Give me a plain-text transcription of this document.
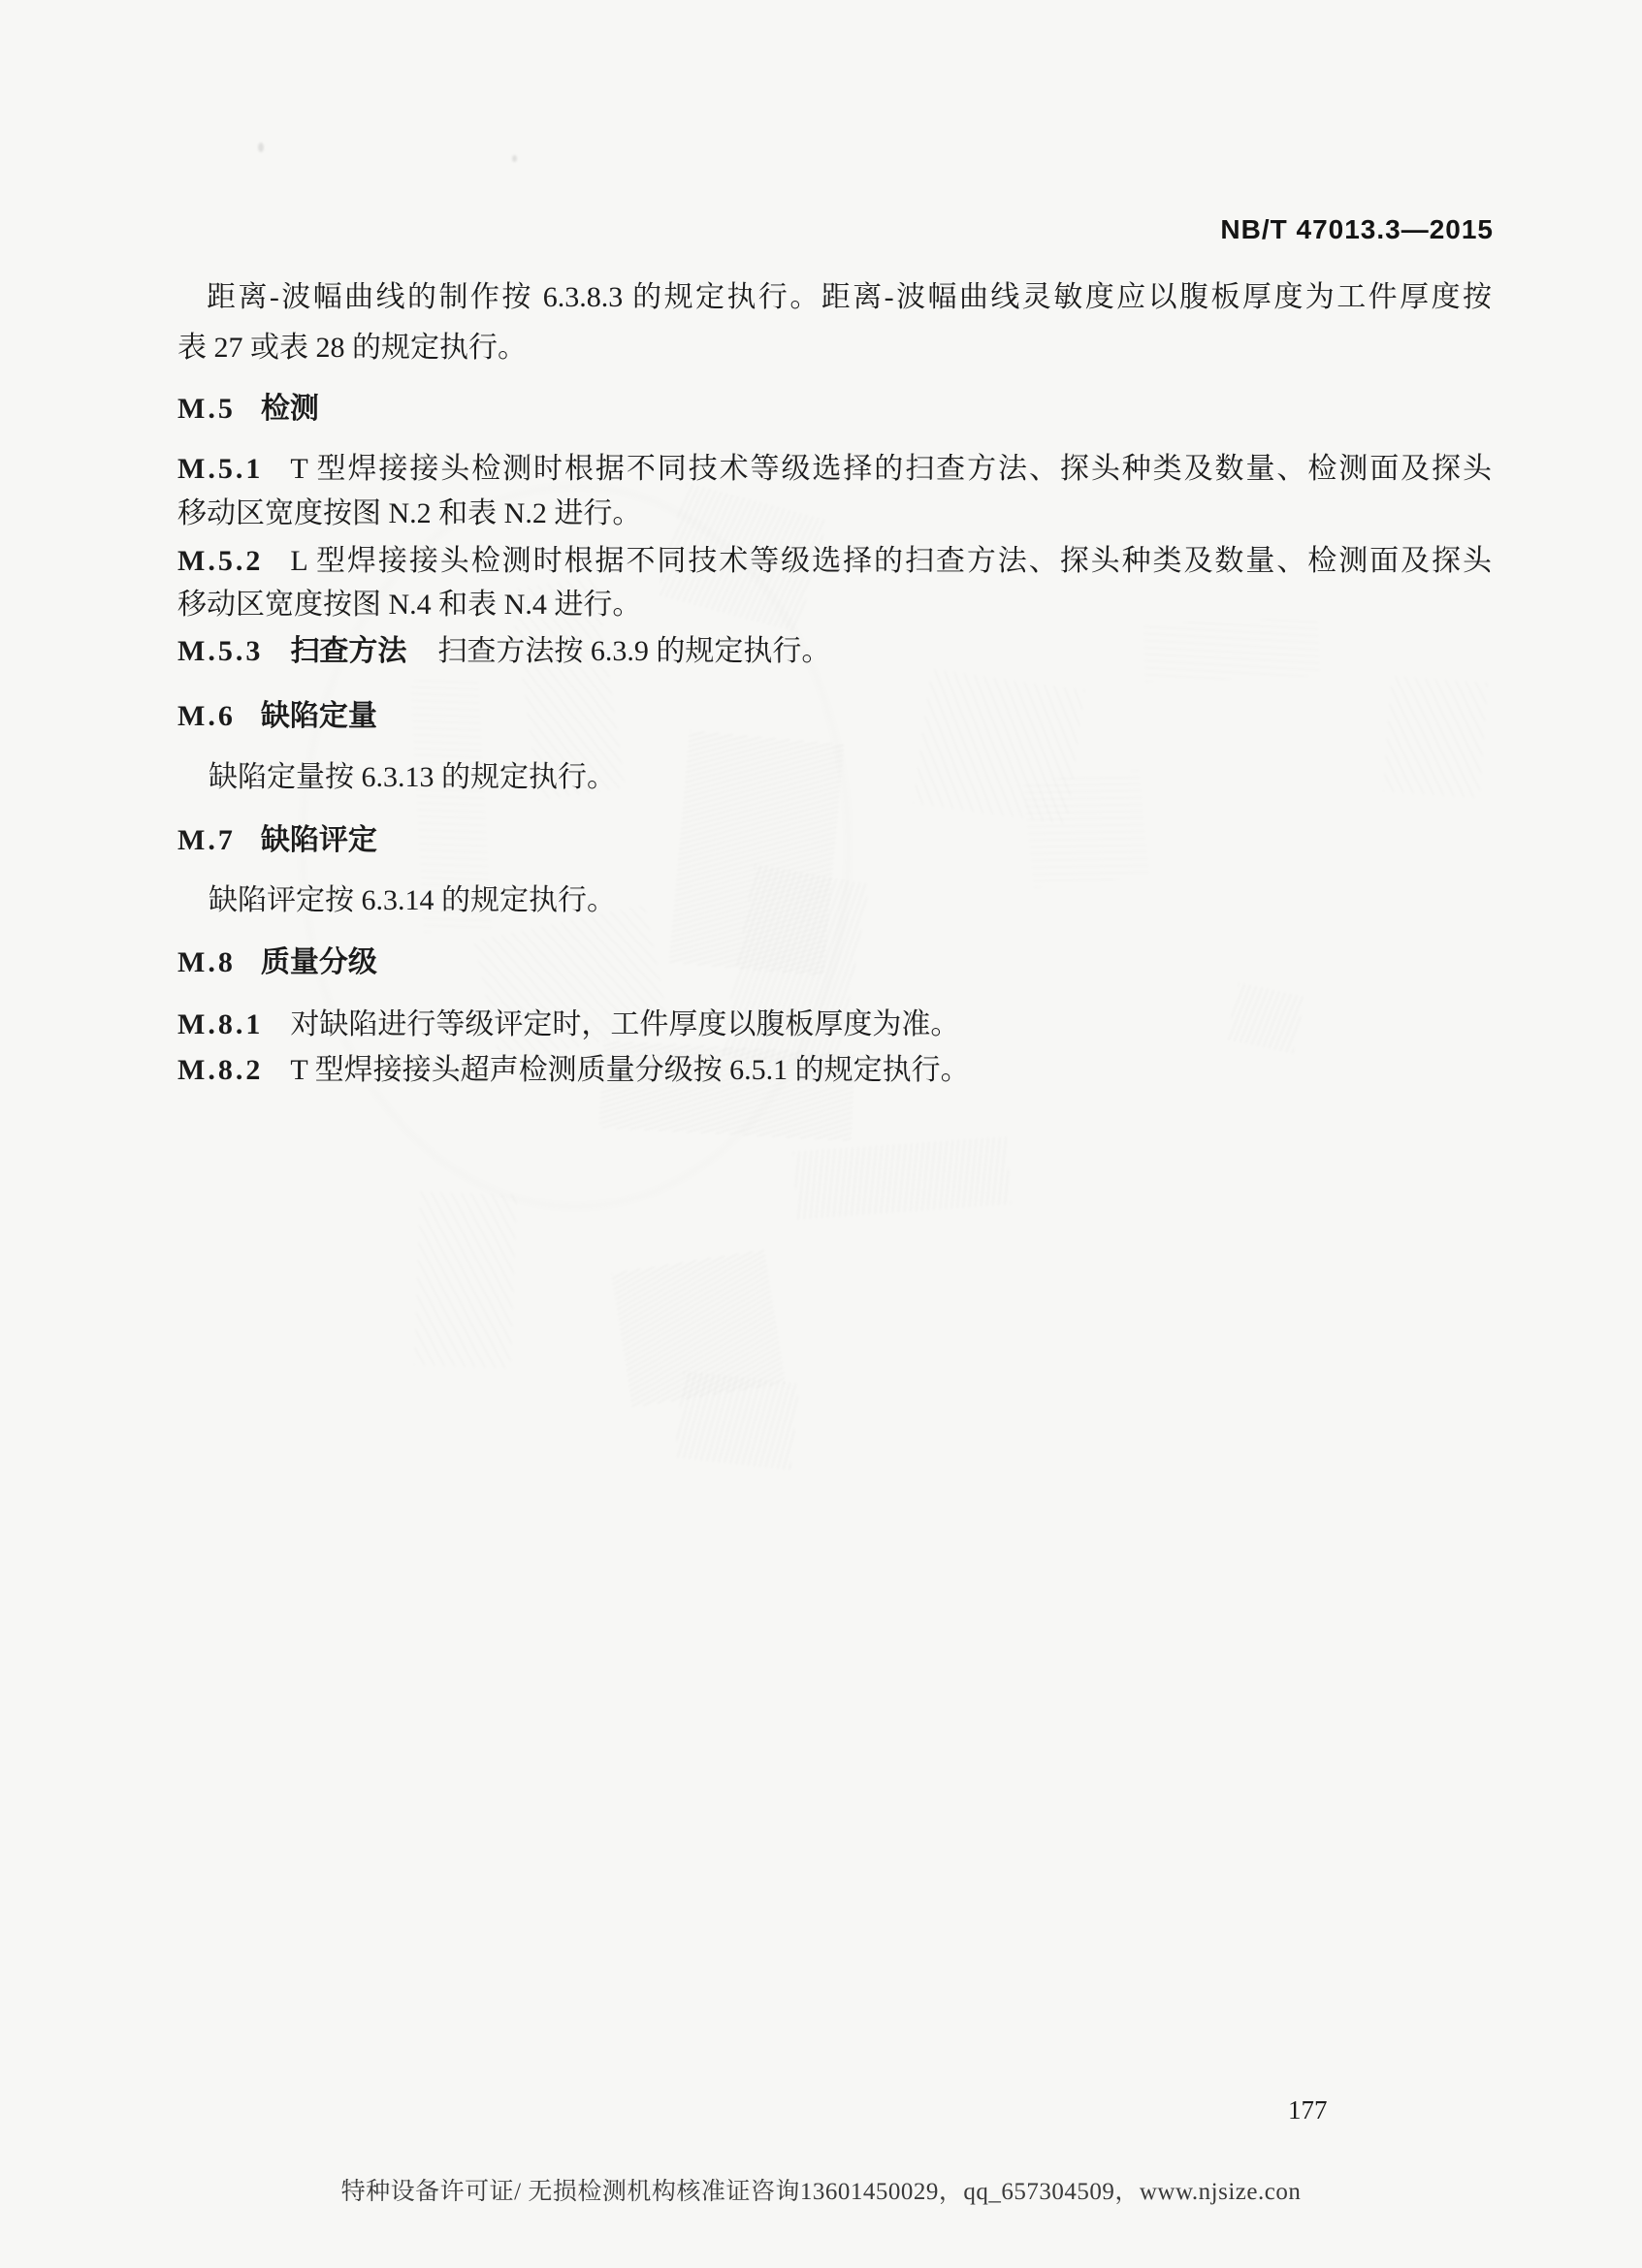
NB/T 47013.3—2015
距离-波幅曲线的制作按 6.3.8.3 的规定执行。距离-波幅曲线灵敏度应以腹板厚度为工件厚度按
表 27 或表 28 的规定执行。
M.5 检测
M.5.1 T 型焊接接头检测时根据不同技术等级选择的扫查方法、探头种类及数量、检测面及探头
移动区宽度按图 N.2 和表 N.2 进行。
M.5.2 L 型焊接接头检测时根据不同技术等级选择的扫查方法、探头种类及数量、检测面及探头
移动区宽度按图 N.4 和表 N.4 进行。
M.5.3 扫查方法 扫查方法按 6.3.9 的规定执行。
M.6 缺陷定量
缺陷定量按 6.3.13 的规定执行。
M.7 缺陷评定
缺陷评定按 6.3.14 的规定执行。
M.8 质量分级
M.8.1 对缺陷进行等级评定时，工件厚度以腹板厚度为准。
M.8.2 T 型焊接接头超声检测质量分级按 6.5.1 的规定执行。
177
特种设备许可证/ 无损检测机构核准证咨询13601450029，qq_657304509，www.njsize.con
